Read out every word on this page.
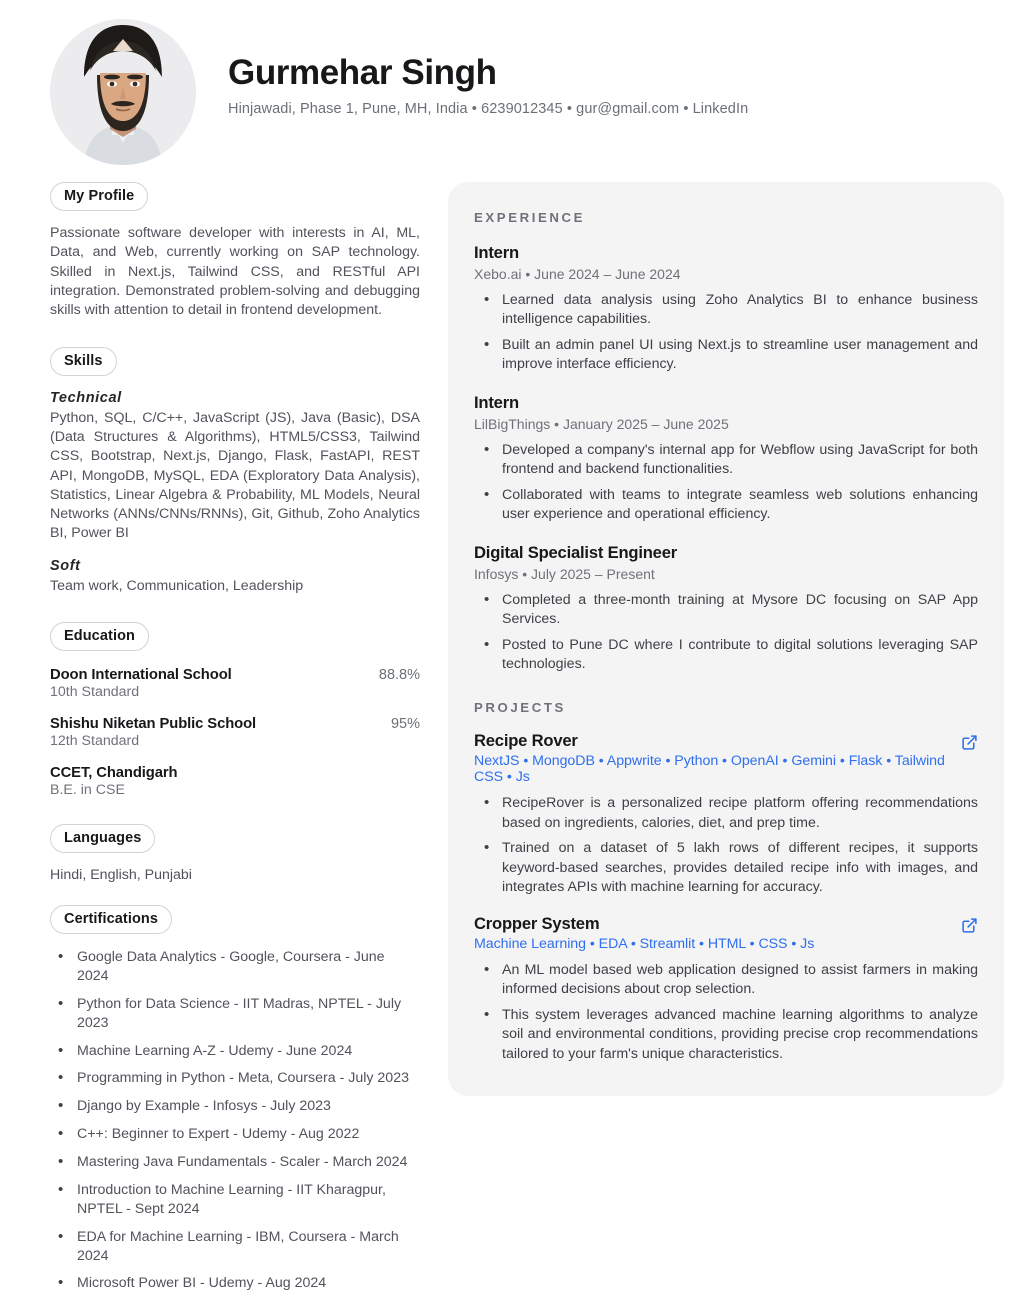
Gurmehar Singh
Hinjawadi, Phase 1, Pune, MH, India • 6239012345 • gur@gmail.com • LinkedIn
My Profile
Passionate software developer with interests in AI, ML, Data, and Web, currently working on SAP technology. Skilled in Next.js, Tailwind CSS, and RESTful API integration. Demonstrated problem-solving and debugging skills with attention to detail in frontend development.
Skills
Technical
Python, SQL, C/C++, JavaScript (JS), Java (Basic), DSA (Data Structures & Algorithms), HTML5/CSS3, Tailwind CSS, Bootstrap, Next.js, Django, Flask, FastAPI, REST API, MongoDB, MySQL, EDA (Exploratory Data Analysis), Statistics, Linear Algebra & Probability, ML Models, Neural Networks (ANNs/CNNs/RNNs), Git, Github, Zoho Analytics BI, Power BI
Soft
Team work, Communication, Leadership
Education
Doon International School	88.8%
10th Standard
Shishu Niketan Public School	95%
12th Standard
CCET, Chandigarh
B.E. in CSE
Languages
Hindi, English, Punjabi
Certifications
• Google Data Analytics - Google, Coursera - June 2024
• Python for Data Science - IIT Madras, NPTEL - July 2023
• Machine Learning A-Z - Udemy - June 2024
• Programming in Python - Meta, Coursera - July 2023
• Django by Example - Infosys - July 2023
• C++: Beginner to Expert - Udemy - Aug 2022
• Mastering Java Fundamentals - Scaler - March 2024
• Introduction to Machine Learning - IIT Kharagpur, NPTEL - Sept 2024
• EDA for Machine Learning - IBM, Coursera - March 2024
• Microsoft Power BI - Udemy - Aug 2024
EXPERIENCE
Intern
Xebo.ai • June 2024 – June 2024
• Learned data analysis using Zoho Analytics BI to enhance business intelligence capabilities.
• Built an admin panel UI using Next.js to streamline user management and improve interface efficiency.
Intern
LilBigThings • January 2025 – June 2025
• Developed a company's internal app for Webflow using JavaScript for both frontend and backend functionalities.
• Collaborated with teams to integrate seamless web solutions enhancing user experience and operational efficiency.
Digital Specialist Engineer
Infosys • July 2025 – Present
• Completed a three-month training at Mysore DC focusing on SAP App Services.
• Posted to Pune DC where I contribute to digital solutions leveraging SAP technologies.
PROJECTS
Recipe Rover
NextJS • MongoDB • Appwrite • Python • OpenAI • Gemini • Flask • Tailwind CSS • Js
• RecipeRover is a personalized recipe platform offering recommendations based on ingredients, calories, diet, and prep time.
• Trained on a dataset of 5 lakh rows of different recipes, it supports keyword-based searches, provides detailed recipe info with images, and integrates APIs with machine learning for accuracy.
Cropper System
Machine Learning • EDA • Streamlit • HTML • CSS • Js
• An ML model based web application designed to assist farmers in making informed decisions about crop selection.
• This system leverages advanced machine learning algorithms to analyze soil and environmental conditions, providing precise crop recommendations tailored to your farm's unique characteristics.
